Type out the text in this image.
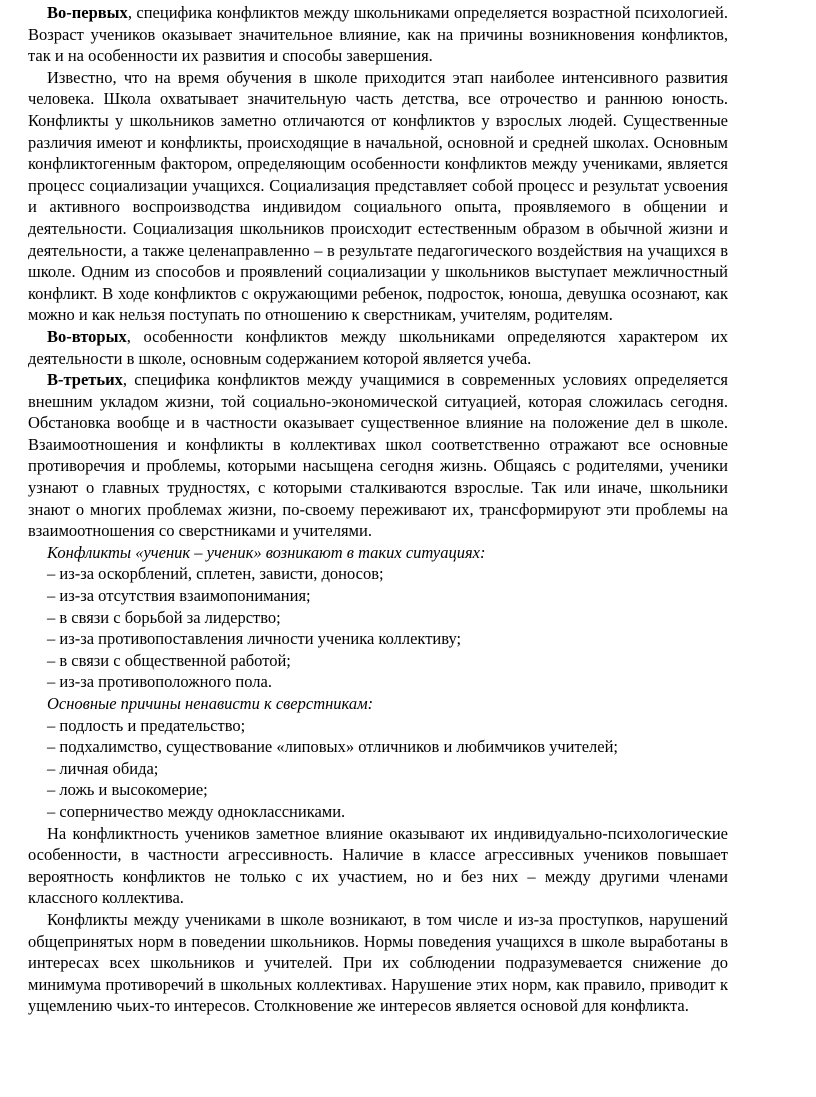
Во-первых, специфика конфликтов между школьниками определяется возрастной психологией. Возраст учеников оказывает значительное влияние, как на причины возникновения конфликтов, так и на особенности их развития и способы завершения.

Известно, что на время обучения в школе приходится этап наиболее интенсивного развития человека. Школа охватывает значительную часть детства, все отрочество и раннюю юность. Конфликты у школьников заметно отличаются от конфликтов у взрослых людей. Существенные различия имеют и конфликты, происходящие в начальной, основной и средней школах. Основным конфликтогенным фактором, определяющим особенности конфликтов между учениками, является процесс социализации учащихся. Социализация представляет собой процесс и результат усвоения и активного воспроизводства индивидом социального опыта, проявляемого в общении и деятельности. Социализация школьников происходит естественным образом в обычной жизни и деятельности, а также целенаправленно – в результате педагогического воздействия на учащихся в школе. Одним из способов и проявлений социализации у школьников выступает межличностный конфликт. В ходе конфликтов с окружающими ребенок, подросток, юноша, девушка осознают, как можно и как нельзя поступать по отношению к сверстникам, учителям, родителям.

Во-вторых, особенности конфликтов между школьниками определяются характером их деятельности в школе, основным содержанием которой является учеба.

В-третьих, специфика конфликтов между учащимися в современных условиях определяется внешним укладом жизни, той социально-экономической ситуацией, которая сложилась сегодня. Обстановка вообще и в частности оказывает существенное влияние на положение дел в школе. Взаимоотношения и конфликты в коллективах школ соответственно отражают все основные противоречия и проблемы, которыми насыщена сегодня жизнь. Общаясь с родителями, ученики узнают о главных трудностях, с которыми сталкиваются взрослые. Так или иначе, школьники знают о многих проблемах жизни, по-своему переживают их, трансформируют эти проблемы на взаимоотношения со сверстниками и учителями.

Конфликты «ученик – ученик» возникают в таких ситуациях:

– из-за оскорблений, сплетен, зависти, доносов;

– из-за отсутствия взаимопонимания;

– в связи с борьбой за лидерство;

– из-за противопоставления личности ученика коллективу;

– в связи с общественной работой;

– из-за противоположного пола.

Основные причины ненависти к сверстникам:

– подлость и предательство;

– подхалимство, существование «липовых» отличников и любимчиков учителей;

– личная обида;

– ложь и высокомерие;

– соперничество между одноклассниками.

На конфликтность учеников заметное влияние оказывают их индивидуально-психологические особенности, в частности агрессивность. Наличие в классе агрессивных учеников повышает вероятность конфликтов не только с их участием, но и без них – между другими членами классного коллектива.

Конфликты между учениками в школе возникают, в том числе и из-за проступков, нарушений общепринятых норм в поведении школьников. Нормы поведения учащихся в школе выработаны в интересах всех школьников и учителей. При их соблюдении подразумевается снижение до минимума противоречий в школьных коллективах. Нарушение этих норм, как правило, приводит к ущемлению чьих-то интересов. Столкновение же интересов является основой для конфликта.
